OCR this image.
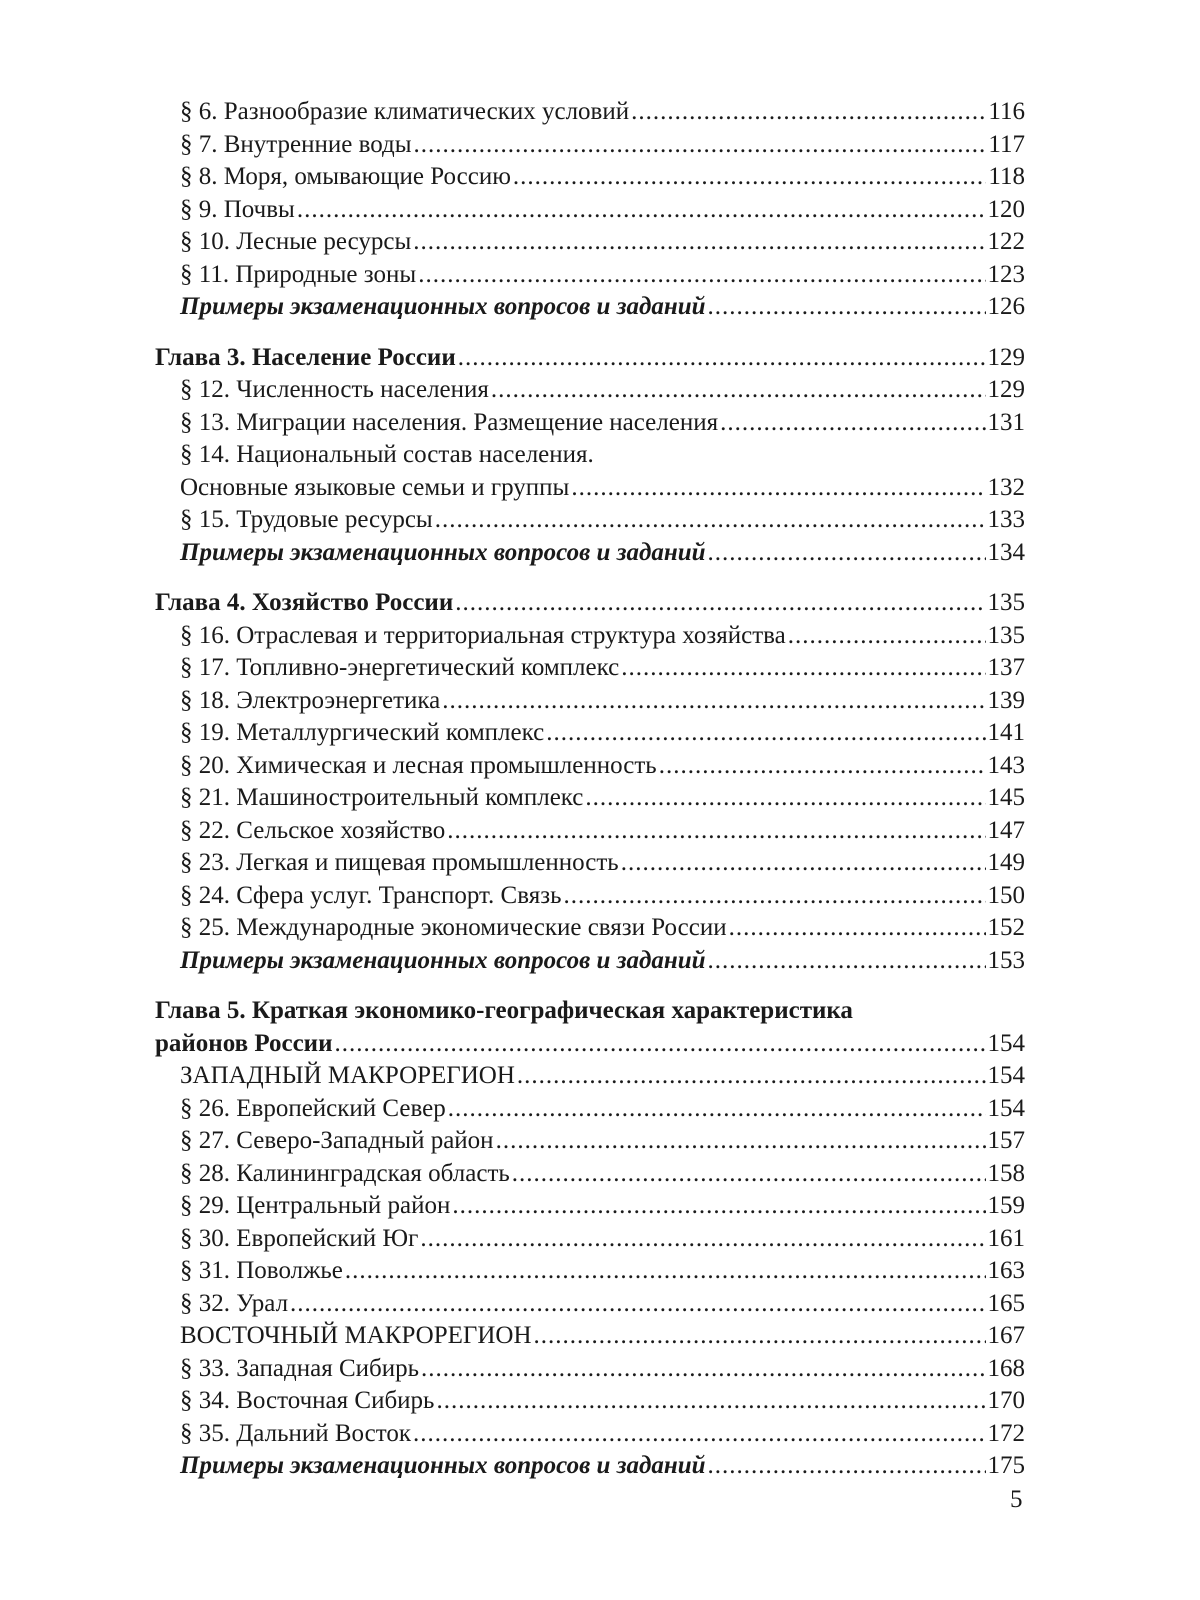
§ 6. Разнообразие климатических условий .....	116
§ 7. Внутренние воды .....	117
§ 8. Моря, омывающие Россию .....	118
§ 9. Почвы .....	120
§ 10. Лесные ресурсы .....	122
§ 11. Природные зоны .....	123
Примеры экзаменационных вопросов и заданий .....	126
Глава 3. Население России .....	129
§ 12. Численность населения .....	129
§ 13. Миграции населения. Размещение населения .....	131
§ 14. Национальный состав населения.
Основные языковые семьи и группы .....	132
§ 15. Трудовые ресурсы .....	133
Примеры экзаменационных вопросов и заданий .....	134
Глава 4. Хозяйство России .....	135
§ 16. Отраслевая и территориальная структура хозяйства .....	135
§ 17. Топливно-энергетический комплекс .....	137
§ 18. Электроэнергетика .....	139
§ 19. Металлургический комплекс .....	141
§ 20. Химическая и лесная промышленность .....	143
§ 21. Машиностроительный комплекс .....	145
§ 22. Сельское хозяйство .....	147
§ 23. Легкая и пищевая промышленность .....	149
§ 24. Сфера услуг. Транспорт. Связь .....	150
§ 25. Международные экономические связи России .....	152
Примеры экзаменационных вопросов и заданий .....	153
Глава 5. Краткая экономико-географическая характеристика
районов России .....	154
ЗАПАДНЫЙ МАКРОРЕГИОН .....	154
§ 26. Европейский Север .....	154
§ 27. Северо-Западный район .....	157
§ 28. Калининградская область .....	158
§ 29. Центральный район .....	159
§ 30. Европейский Юг .....	161
§ 31. Поволжье .....	163
§ 32. Урал .....	165
ВОСТОЧНЫЙ МАКРОРЕГИОН .....	167
§ 33. Западная Сибирь .....	168
§ 34. Восточная Сибирь .....	170
§ 35. Дальний Восток .....	172
Примеры экзаменационных вопросов и заданий .....	175
5
